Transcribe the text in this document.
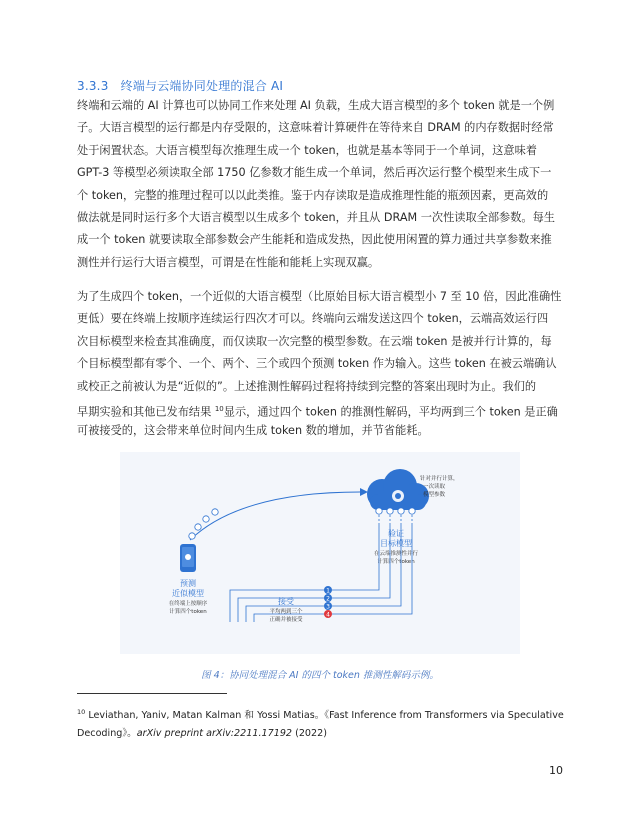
3.3.3 终端与云端协同处理的混合 AI

终端和云端的 AI 计算也可以协同工作来处理 AI 负载，生成大语言模型的多个 token 就是一个例
子。大语言模型的运行都是内存受限的，这意味着计算硬件在等待来自 DRAM 的内存数据时经常
处于闲置状态。大语言模型每次推理生成一个 token，也就是基本等同于一个单词，这意味着
GPT-3 等模型必须读取全部 1750 亿参数才能生成一个单词，然后再次运行整个模型来生成下一
个 token，完整的推理过程可以以此类推。鉴于内存读取是造成推理性能的瓶颈因素，更高效的
做法就是同时运行多个大语言模型以生成多个 token，并且从 DRAM 一次性读取全部参数。每生
成一个 token 就要读取全部参数会产生能耗和造成发热，因此使用闲置的算力通过共享参数来推
测性并行运行大语言模型，可谓是在性能和能耗上实现双赢。

为了生成四个 token，一个近似的大语言模型（比原始目标大语言模型小 7 至 10 倍，因此准确性
更低）要在终端上按顺序连续运行四次才可以。终端向云端发送这四个 token，云端高效运行四
次目标模型来检查其准确度，而仅读取一次完整的模型参数。在云端 token 是被并行计算的，每
个目标模型都有零个、一个、两个、三个或四个预测 token 作为输入。这些 token 在被云端确认
或校正之前被认为是“近似的”。上述推测性解码过程将持续到完整的答案出现时为止。我们的
早期实验和其他已发布结果 $^{10}$显示，通过四个 token 的推测性解码，平均两到三个 token 是正确
可被接受的，这会带来单位时间内生成 token 数的增加，并节省能耗。

针对并行计算，
一次读取
模型参数
验证
目标模型
在云端推测性并行
计算四个token
预测
近似模型
在终端上按顺序
计算四个token
1
2
3
4
接受
平均两到三个
正确并被接受
图 4：协同处理混合 AI 的四个 token 推测性解码示例。
$^{10}$ Leviathan, Yaniv, Matan Kalman 和 Yossi Matias。《Fast Inference from Transformers via Speculative
Decoding》。arXiv preprint arXiv:2211.17192 (2022)
10
